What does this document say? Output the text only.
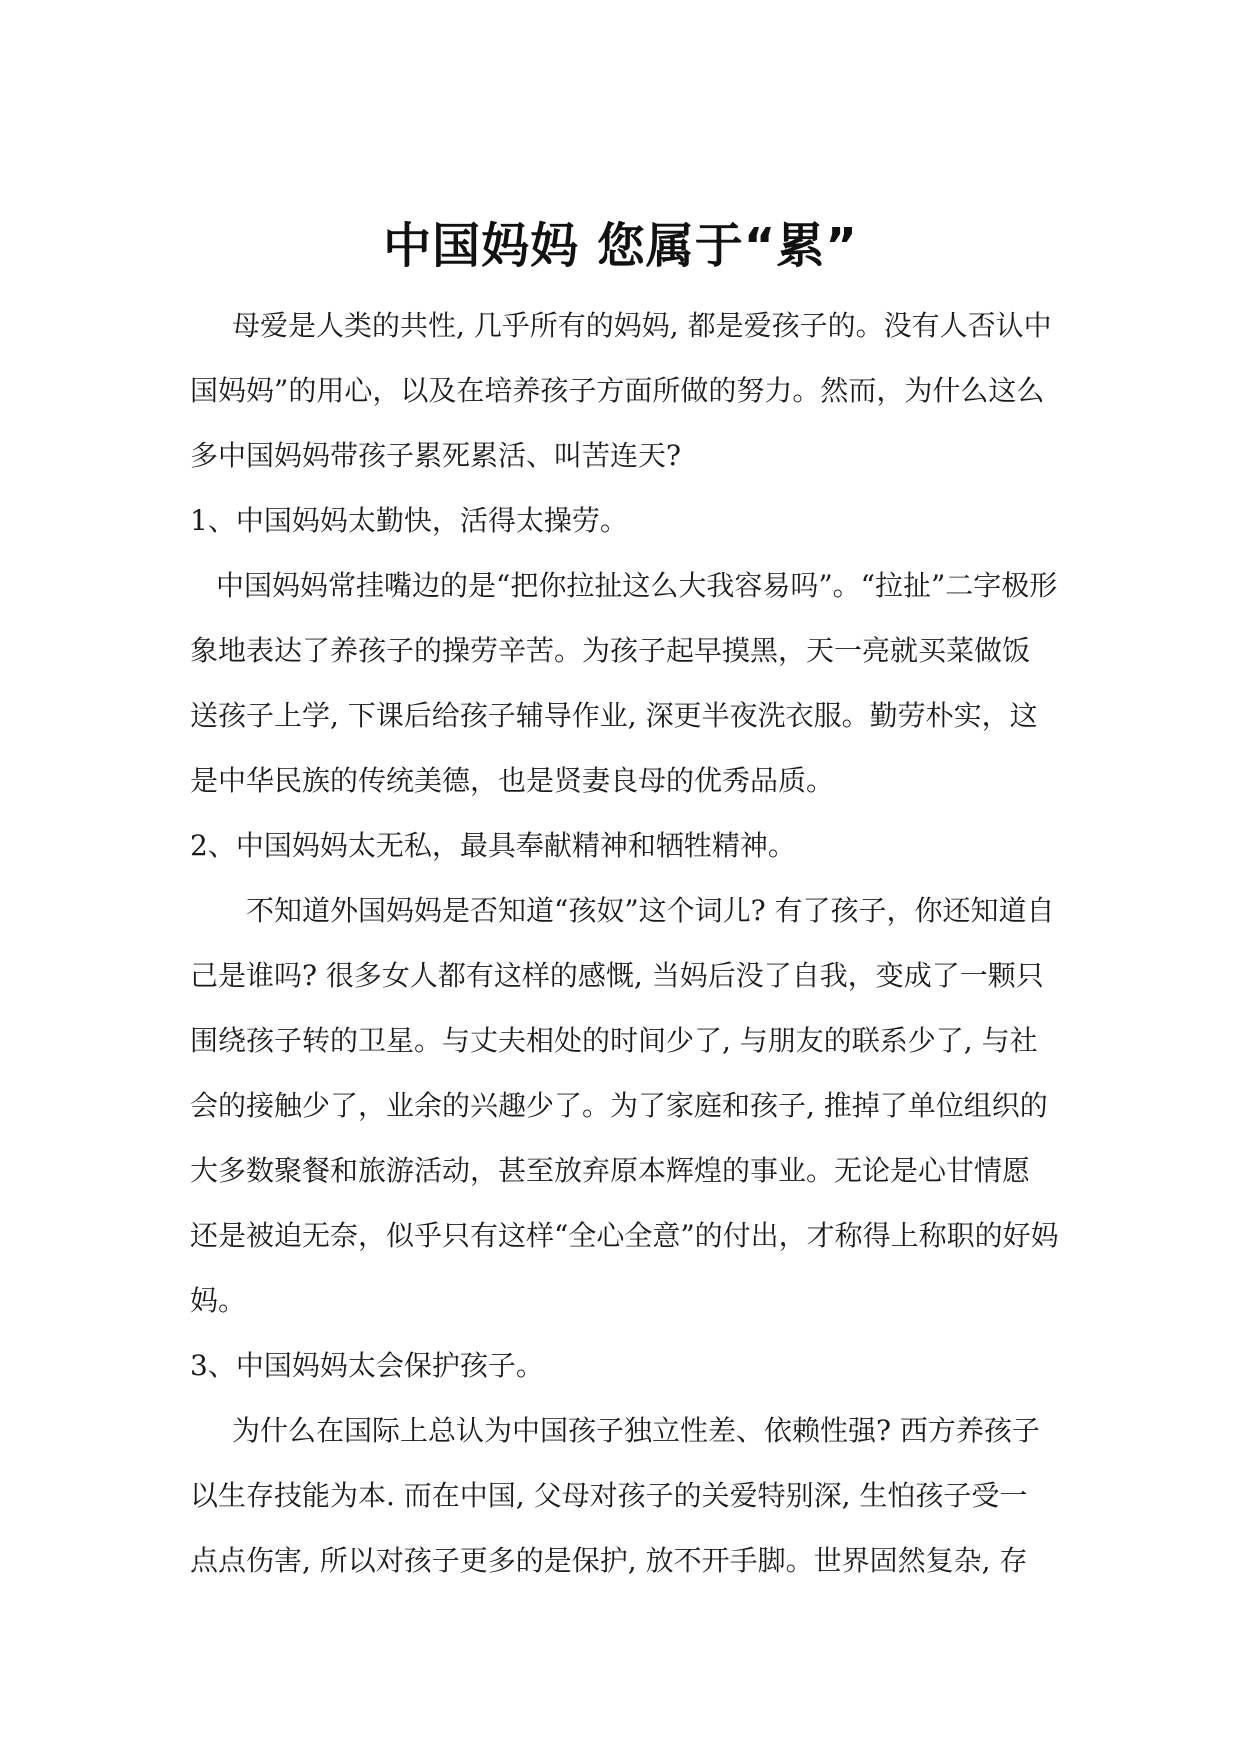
中国妈妈 您属于“累”
母爱是人类的共性, 几乎所有的妈妈, 都是爱孩子的。没有人否认中
国妈妈”的用心，以及在培养孩子方面所做的努力。然而，为什么这么
多中国妈妈带孩子累死累活、叫苦连天?
1、中国妈妈太勤快，活得太操劳。
中国妈妈常挂嘴边的是“把你拉扯这么大我容易吗”。“拉扯”二字极形
象地表达了养孩子的操劳辛苦。为孩子起早摸黑，天一亮就买菜做饭
送孩子上学, 下课后给孩子辅导作业, 深更半夜洗衣服。勤劳朴实，这
是中华民族的传统美德，也是贤妻良母的优秀品质。
2、中国妈妈太无私，最具奉献精神和牺牲精神。
不知道外国妈妈是否知道“孩奴”这个词儿? 有了孩子，你还知道自
己是谁吗? 很多女人都有这样的感慨, 当妈后没了自我，变成了一颗只
围绕孩子转的卫星。与丈夫相处的时间少了, 与朋友的联系少了, 与社
会的接触少了，业余的兴趣少了。为了家庭和孩子, 推掉了单位组织的
大多数聚餐和旅游活动，甚至放弃原本辉煌的事业。无论是心甘情愿
还是被迫无奈，似乎只有这样“全心全意”的付出，才称得上称职的好妈
妈。
3、中国妈妈太会保护孩子。
为什么在国际上总认为中国孩子独立性差、依赖性强? 西方养孩子
以生存技能为本. 而在中国, 父母对孩子的关爱特别深, 生怕孩子受一
点点伤害, 所以对孩子更多的是保护, 放不开手脚。世界固然复杂, 存
